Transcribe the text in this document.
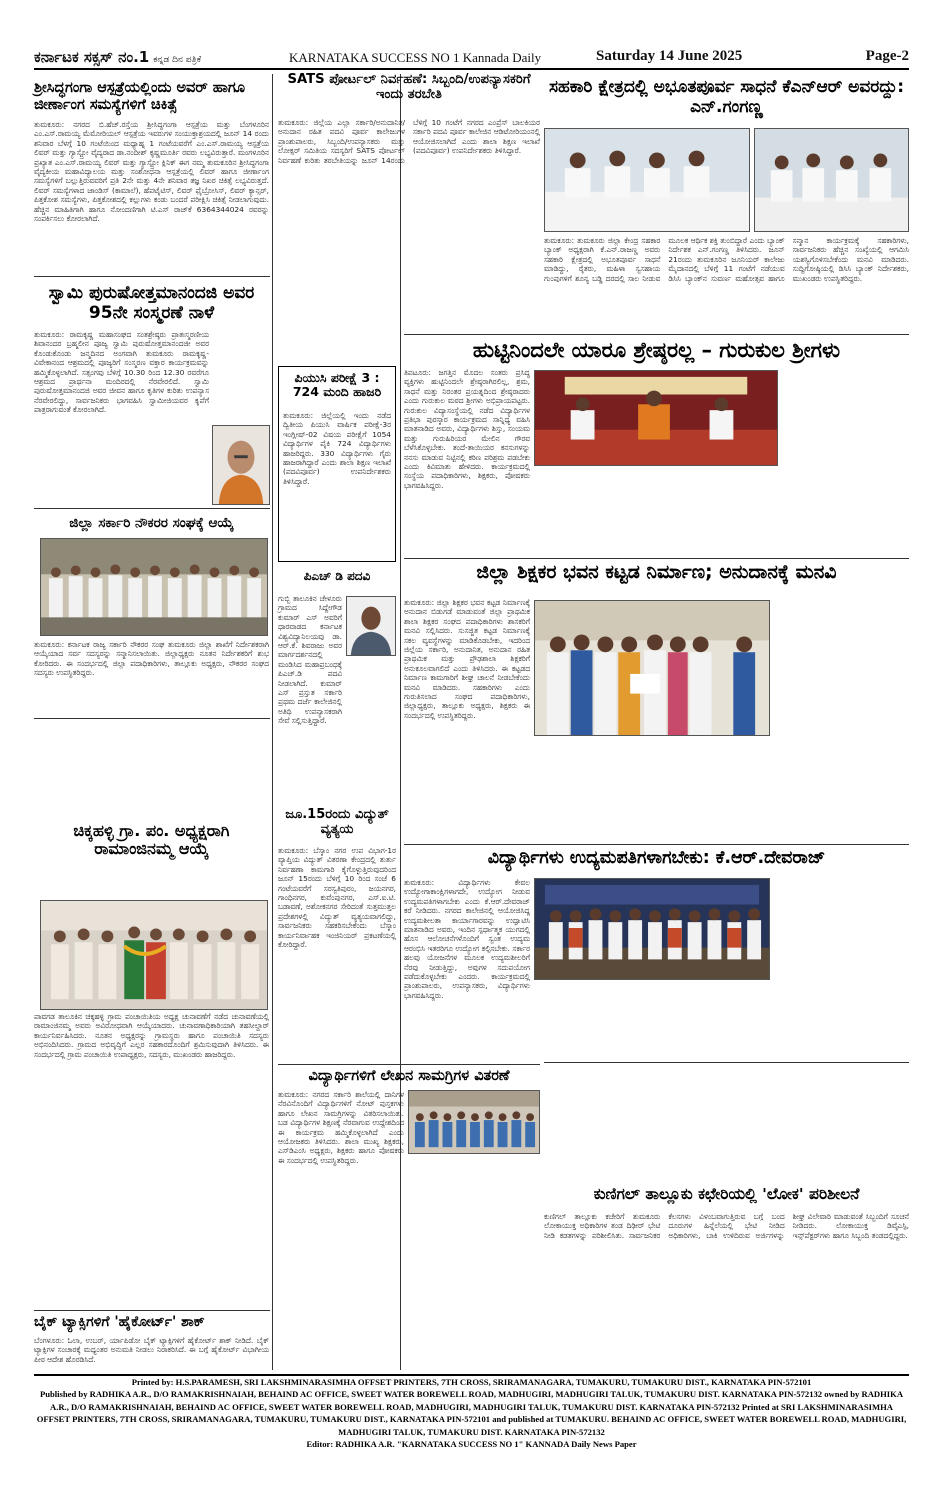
ಕರ್ನಾಟಕ ಸಕ್ಸಸ್ ನಂ.1 ಕನ್ನಡ ದಿನ ಪತ್ರಿಕೆ	KARNATAKA SUCCESS NO 1 Kannada Daily	Saturday 14 June 2025	Page-2
ಶ್ರೀಸಿದ್ಧಗಂಗಾ ಆಸ್ಪತ್ರೆಯಲ್ಲಿಂದು ಅವರ್ ಹಾಗೂ ಜೀರ್ಣಾಂಗ ಸಮಸ್ಯೆಗಳಿಗೆ ಚಿಕಿತ್ಸೆ
ತುಮಕೂರು: ನಗರದ ಬಿ.ಹೆಚ್.ರಸ್ತೆಯ ಶ್ರೀಸಿದ್ಧಗಂಗಾ ಆಸ್ಪತ್ರೆಯ ಮತ್ತು ಬೆಂಗಳೂರಿನ ಎಂ.ಎಸ್.ರಾಮಯ್ಯ ಮೆಮೋರಿಯಲ್ ಆಸ್ಪತ್ರೆಯ ಇವರುಗಳ ಸಂಯುಕ್ತಾಶ್ರಯದಲ್ಲಿ ಜೂನ್ 14 ರಂದು ಶನಿವಾರ ಬೆಳಗ್ಗೆ 10 ಗಂಟೆಯಿಂದ ಮಧ್ಯಾಹ್ನ 1 ಗಂಟೆಯವರೆಗೆ ಎಂ.ಎಸ್.ರಾಮಯ್ಯ ಆಸ್ಪತ್ರೆಯ ಲಿವರ್ ಮತ್ತು ಗ್ಯಾಸ್ಟ್ರೋ ವೈದ್ಯರಾದ ಡಾ.ನಂದೀಶ್ ಕೃಷ್ಣಮೂರ್ತಿ ರವರು ಲಭ್ಯವಿರುತ್ತಾರೆ. ಮಂಗಳೂರಿನ ಪ್ರಖ್ಯಾತ ಎಂ.ಎಸ್.ರಾಮಯ್ಯ ಲಿವರ್ ಮತ್ತು ಗ್ಯಾಸ್ಟ್ರೋ ಕ್ಲಿನಿಕ್ ಈಗ ನಮ್ಮ ತುಮಕೂರಿನ ಶ್ರೀಸಿದ್ಧಗಂಗಾ ವೈದ್ಯಕೀಯ ಮಹಾವಿದ್ಯಾಲಯ ಮತ್ತು ಸಂಶೋಧನಾ ಆಸ್ಪತ್ರೆಯಲ್ಲಿ ಲಿವರ್ ಹಾಗೂ ಜೀರ್ಣಾಂಗ ಸಮಸ್ಯೆಗಳಿಗೆ ಬಲ್ಲುತ್ತಿರುವವರಿಗೆ ಪ್ರತಿ 2ನೇ ಮತ್ತು 4ನೇ ಶನಿವಾರ ತಜ್ಞ ನಿಖರ ಚಿಕಿತ್ಸೆ ಲಭ್ಯವಿರುತ್ತದೆ. ಲಿವರ್ ಸಮಸ್ಯೆಗಳಾದ ಜಾಂಡಿಸ್ (ಕಾಮಾಲೆ), ಹೆಪಟೈಟಿಸ್, ಲಿವರ್ ಫೈಬ್ರೋಸಿಸ್, ಲಿವರ್ ಕ್ಯಾನ್ಸರ್, ಪಿತ್ತಕೋಶ ಸಮಸ್ಯೆಗಳು, ಪಿತ್ತಕೋಶದಲ್ಲಿ ಕಲ್ಲುಗಳು ಕಂಡು ಬಂದರೆ ಪರೀಕ್ಷಿಸಿ ಚಿಕಿತ್ಸೆ ನೀಡಲಾಗುವುದು. ಹೆಚ್ಚಿನ ಮಾಹಿತಿಗಾಗಿ ಹಾಗೂ ನೋಂದಣಿಗಾಗಿ ಟಿ.ಎಸ್ ರಾಜ್‌ಕೆ 6364344024 ರವರನ್ನು ಸಂಪರ್ಕಿಸಲು ಕೋರಲಾಗಿದೆ.
ಸ್ವಾಮಿ ಪುರುಷೋತ್ತಮಾನಂದಜಿ ಅವರ 95ನೇ ಸಂಸ್ಮರಣೆ ನಾಳೆ
ತುಮಕೂರು: ರಾಮಕೃಷ್ಣ ಮಹಾಸಂಘದ ಸಂತಶ್ರೇಷ್ಠರು ಪ್ರಾತಃಸ್ಮರಣೀಯ ಶಿವಾನಂದರ ಬ್ರಹ್ಮಲೀನ ಪೂಜ್ಯ ಸ್ವಾಮಿ ಪುರುಷೋತ್ತಮಾನಂದಜೀ ಅವರ ಕೊಂಡುಕೊಂಡು ಜನ್ಮದಿನದ ಅಂಗವಾಗಿ ತುಮಕೂರು ರಾಮಕೃಷ್ಣ-ವಿವೇಕಾನಂದ ಆಶ್ರಮದಲ್ಲಿ ಪೂಜ್ಯರಿಗೆ ಸಂಸ್ಮರಣ ವಕ್ತಾರ ಕಾರ್ಯಕ್ರಮವನ್ನು ಹಮ್ಮಿಕೊಳ್ಳಲಾಗಿದೆ. ಸತ್ಸಂಗವು ಬೆಳಿಗ್ಗೆ 10.30 ರಿಂದ 12.30 ರವರೆಗೂ ಆಶ್ರಮದ ಪ್ರಾರ್ಥನಾ ಮಂದಿರದಲ್ಲಿ ನೆರವೇರಲಿದೆ. ಸ್ವಾಮಿ ಪುರುಷೋತ್ತಮಾನಂದಜಿ ಅವರ ಜೀವನ ಹಾಗೂ ಕೃತಿಗಳ ಕುರಿತು ಉಪನ್ಯಾಸ ನೆರವೇರಲಿದ್ದು, ಸಾರ್ವಜನಿಕರು ಭಾಗವಹಿಸಿ ಸ್ವಾಮೀಜಿಯವರ ಕೃಪೆಗೆ ಪಾತ್ರರಾಗುವಂತೆ ಕೋರಲಾಗಿದೆ.
ಜಿಲ್ಲಾ ಸರ್ಕಾರಿ ನೌಕರರ ಸಂಘಕ್ಕೆ ಆಯ್ಕೆ
ತುಮಕೂರು: ಕರ್ನಾಟಕ ರಾಜ್ಯ ಸರ್ಕಾರಿ ನೌಕರರ ಸಂಘ ತುಮಕೂರು ಜಿಲ್ಲಾ ಶಾಖೆಗೆ ನಿರ್ದೇಶಕರಾಗಿ ಆಯ್ಕೆಯಾದ ಸರ್ವ ಸದಸ್ಯರನ್ನು ಸನ್ಮಾನಿಸಲಾಯಿತು. ಜಿಲ್ಲಾಧ್ಯಕ್ಷರು ನೂತನ ನಿರ್ದೇಶಕರಿಗೆ ಶುಭ ಕೋರಿದರು. ಈ ಸಂದರ್ಭದಲ್ಲಿ ಜಿಲ್ಲಾ ಪದಾಧಿಕಾರಿಗಳು, ತಾಲ್ಲೂಕು ಅಧ್ಯಕ್ಷರು, ನೌಕರರ ಸಂಘದ ಸದಸ್ಯರು ಉಪಸ್ಥಿತರಿದ್ದರು.
ಚಿಕ್ಕಹಳ್ಳಿ ಗ್ರಾ. ಪಂ. ಅಧ್ಯಕ್ಷರಾಗಿ ರಾಮಾಂಜಿನಮ್ಮ ಆಯ್ಕೆ
ಪಾವಗಡ ತಾಲೂಕಿನ ಚಿಕ್ಕಹಳ್ಳಿ ಗ್ರಾಮ ಪಂಚಾಯಿತಿಯ ಅಧ್ಯಕ್ಷ ಚುನಾವಣೆಗೆ ನಡೆದ ಚುನಾವಣೆಯಲ್ಲಿ ರಾಮಾಂಜಿನಮ್ಮ ಅವರು ಅವಿರೋಧವಾಗಿ ಆಯ್ಕೆಯಾದರು. ಚುನಾವಣಾಧಿಕಾರಿಯಾಗಿ ತಹಸೀಲ್ದಾರ್ ಕಾರ್ಯನಿರ್ವಹಿಸಿದರು. ನೂತನ ಅಧ್ಯಕ್ಷರನ್ನು ಗ್ರಾಮಸ್ಥರು ಹಾಗೂ ಪಂಚಾಯಿತಿ ಸದಸ್ಯರು ಅಭಿನಂದಿಸಿದರು. ಗ್ರಾಮದ ಅಭಿವೃದ್ಧಿಗೆ ಎಲ್ಲರ ಸಹಕಾರದೊಂದಿಗೆ ಶ್ರಮಿಸುವುದಾಗಿ ತಿಳಿಸಿದರು. ಈ ಸಂದರ್ಭದಲ್ಲಿ ಗ್ರಾಮ ಪಂಚಾಯಿತಿ ಉಪಾಧ್ಯಕ್ಷರು, ಸದಸ್ಯರು, ಮುಖಂಡರು ಹಾಜರಿದ್ದರು.
ಬೈಕ್ ಟ್ಯಾಕ್ಸಿಗಳಿಗೆ 'ಹೈಕೋರ್ಟ್' ಶಾಕ್
ಬೆಂಗಳೂರು: ಓಲಾ, ಉಬರ್, ರ್ಯಾಪಿಡೋ ಬೈಕ್ ಟ್ಯಾಕ್ಸಿಗಳಿಗೆ ಹೈಕೋರ್ಟ್ ಶಾಕ್ ನೀಡಿದೆ. ಬೈಕ್ ಟ್ಯಾಕ್ಸಿಗಳ ಸಂಚಾರಕ್ಕೆ ಮಧ್ಯಂತರ ಅನುಮತಿ ನೀಡಲು ನಿರಾಕರಿಸಿದೆ. ಈ ಬಗ್ಗೆ ಹೈಕೋರ್ಟ್ ವಿಭಾಗೀಯ ಪೀಠ ಆದೇಶ ಹೊರಡಿಸಿದೆ.
SATS ಪೋರ್ಟಲ್ ನಿರ್ವಹಣೆ: ಸಿಬ್ಬಂದಿ/ಉಪನ್ಯಾಸಕರಿಗೆ ಇಂದು ತರಬೇತಿ
ತುಮಕೂರು: ಜಿಲ್ಲೆಯ ಎಲ್ಲಾ ಸರ್ಕಾರಿ/ಅನುದಾನಿತ/ಅನುದಾನ ರಹಿತ ಪದವಿ ಪೂರ್ವ ಕಾಲೇಜುಗಳ ಪ್ರಾಂಶುಪಾಲರು, ಸಿಬ್ಬಂದಿ/ಉಪನ್ಯಾಸಕರು ಮತ್ತು ಲೋಕ್ಸರ್ ಸಮಿತಿಯ ಸದಸ್ಯರಿಗೆ SATS ಪೋರ್ಟಲ್ ನಿರ್ವಹಣೆ ಕುರಿತು ತರಬೇತಿಯನ್ನು ಜೂನ್ 14ರಂದು ಬೆಳಿಗ್ಗೆ 10 ಗಂಟೆಗೆ ನಗರದ ಎಂಪ್ರೆಸ್ ಬಾಲಕಿಯರ ಸರ್ಕಾರಿ ಪದವಿ ಪೂರ್ವ ಕಾಲೇಜಿನ ಆಡಿಟೋರಿಯಂನಲ್ಲಿ ಆಯೋಜಿಸಲಾಗಿದೆ ಎಂದು ಶಾಲಾ ಶಿಕ್ಷಣ ಇಲಾಖೆ (ಪದವಿಪೂರ್ವ) ಉಪನಿರ್ದೇಶಕರು ತಿಳಿಸಿದ್ದಾರೆ.
ಪಿಯುಸಿ ಪರೀಕ್ಷೆ 3 : 724 ಮಂದಿ ಹಾಜರಿ
ತುಮಕೂರು: ಜಿಲ್ಲೆಯಲ್ಲಿ ಇಂದು ನಡೆದ ದ್ವಿತೀಯ ಪಿಯುಸಿ ವಾರ್ಷಿಕ ಪರೀಕ್ಷೆ-3ರ ಇಂಗ್ಲೀಷ್-02 ವಿಷಯ ಪರೀಕ್ಷೆಗೆ 1054 ವಿದ್ಯಾರ್ಥಿಗಳ ಪೈಕಿ 724 ವಿದ್ಯಾರ್ಥಿಗಳು ಹಾಜರಿದ್ದರು. 330 ವಿದ್ಯಾರ್ಥಿಗಳು ಗೈರು ಹಾಜರಾಗಿದ್ದಾರೆ ಎಂದು ಶಾಲಾ ಶಿಕ್ಷಣ ಇಲಾಖೆ (ಪದವಿಪೂರ್ವ) ಉಪನಿರ್ದೇಶಕರು ತಿಳಿಸಿದ್ದಾರೆ.
ಪಿಎಚ್ ಡಿ ಪದವಿ
ಗುಬ್ಬಿ ತಾಲೂಕಿನ ಚೇಳೂರು ಗ್ರಾಮದ ಸಿದ್ದೇಗೌಡ ಕುಮಾರ್ ಎಸ್ ಅವರಿಗೆ ಧಾರವಾಡದ ಕರ್ನಾಟಕ ವಿಶ್ವವಿದ್ಯಾನಿಲಯವು ಡಾ. ಆರ್.ಕೆ. ಶಿವರಾಜು ಅವರ ಮಾರ್ಗದರ್ಶನದಲ್ಲಿ ಮಂಡಿಸಿದ ಮಹಾಪ್ರಬಂಧಕ್ಕೆ ಪಿಎಚ್.ಡಿ ಪದವಿ ನೀಡಲಾಗಿದೆ. ಕುಮಾರ್ ಎಸ್ ಪ್ರಸ್ತುತ ಸರ್ಕಾರಿ ಪ್ರಥಮ ದರ್ಜೆ ಕಾಲೇಜಿನಲ್ಲಿ ಅತಿಥಿ ಉಪನ್ಯಾಸಕರಾಗಿ ಸೇವೆ ಸಲ್ಲಿಸುತ್ತಿದ್ದಾರೆ.
ಜೂ.15ರಂದು ವಿದ್ಯುತ್ ವ್ಯತ್ಯಯ
ತುಮಕೂರು: ಬೆಸ್ಕಾಂ ನಗರ ಉಪ ವಿಭಾಗ-1ರ ವ್ಯಾಪ್ತಿಯ ವಿದ್ಯುತ್ ವಿತರಣಾ ಕೇಂದ್ರದಲ್ಲಿ ತುರ್ತು ನಿರ್ವಹಣಾ ಕಾಮಗಾರಿ ಕೈಗೊಳ್ಳುತ್ತಿರುವುದರಿಂದ ಜೂನ್ 15ರಂದು ಬೆಳಿಗ್ಗೆ 10 ರಿಂದ ಸಂಜೆ 6 ಗಂಟೆಯವರೆಗೆ ಸರಸ್ವತಿಪುರಂ, ಜಯನಗರ, ಗಾಂಧಿನಗರ, ಕುವೆಂಪುನಗರ, ಎಸ್.ಐ.ಟಿ. ಬಡಾವಣೆ, ಅಶೋಕನಗರ ಸೇರಿದಂತೆ ಸುತ್ತಮುತ್ತಲ ಪ್ರದೇಶಗಳಲ್ಲಿ ವಿದ್ಯುತ್ ವ್ಯತ್ಯಯವಾಗಲಿದ್ದು, ಸಾರ್ವಜನಿಕರು ಸಹಕರಿಸಬೇಕೆಂದು ಬೆಸ್ಕಾಂ ಕಾರ್ಯನಿರ್ವಾಹಕ ಇಂಜಿನಿಯರ್ ಪ್ರಕಟಣೆಯಲ್ಲಿ ಕೋರಿದ್ದಾರೆ.
ಸಹಕಾರಿ ಕ್ಷೇತ್ರದಲ್ಲಿ ಅಭೂತಪೂರ್ವ ಸಾಧನೆ ಕೆಎನ್‌ಆರ್ ಅವರದ್ದು: ಎನ್.ಗಂಗಣ್ಣ
ತುಮಕೂರು: ತುಮಕೂರು ಜಿಲ್ಲಾ ಕೇಂದ್ರ ಸಹಕಾರ ಬ್ಯಾಂಕ್ ಅಧ್ಯಕ್ಷರಾಗಿ ಕೆ.ಎನ್.ರಾಜಣ್ಣ ಅವರು ಸಹಕಾರಿ ಕ್ಷೇತ್ರದಲ್ಲಿ ಅಭೂತಪೂರ್ವ ಸಾಧನೆ ಮಾಡಿದ್ದು, ರೈತರು, ಮಹಿಳಾ ಸ್ವಸಹಾಯ ಗುಂಪುಗಳಿಗೆ ಶೂನ್ಯ ಬಡ್ಡಿ ದರದಲ್ಲಿ ಸಾಲ ನೀಡುವ ಮೂಲಕ ಆರ್ಥಿಕ ಶಕ್ತಿ ತುಂಬಿದ್ದಾರೆ ಎಂದು ಬ್ಯಾಂಕ್ ನಿರ್ದೇಶಕ ಎನ್.ಗಂಗಣ್ಣ ತಿಳಿಸಿದರು. ಜೂನ್ 21ರಂದು ತುಮಕೂರಿನ ಜೂನಿಯರ್ ಕಾಲೇಜು ಮೈದಾನದಲ್ಲಿ ಬೆಳಿಗ್ಗೆ 11 ಗಂಟೆಗೆ ನಡೆಯುವ ಡಿಸಿಸಿ ಬ್ಯಾಂಕ್‌ನ ಸುವರ್ಣ ಮಹೋತ್ಸವ ಹಾಗೂ ಸನ್ಮಾನ ಕಾರ್ಯಕ್ರಮಕ್ಕೆ ಸಹಕಾರಿಗಳು, ಸಾರ್ವಜನಿಕರು ಹೆಚ್ಚಿನ ಸಂಖ್ಯೆಯಲ್ಲಿ ಆಗಮಿಸಿ ಯಶಸ್ವಿಗೊಳಿಸಬೇಕೆಂದು ಮನವಿ ಮಾಡಿದರು. ಸುದ್ದಿಗೋಷ್ಠಿಯಲ್ಲಿ ಡಿಸಿಸಿ ಬ್ಯಾಂಕ್ ನಿರ್ದೇಶಕರು, ಮುಖಂಡರು ಉಪಸ್ಥಿತರಿದ್ದರು.
ಹುಟ್ಟಿನಿಂದಲೇ ಯಾರೂ ಶ್ರೇಷ್ಠರಲ್ಲ – ಗುರುಕುಲ ಶ್ರೀಗಳು
ತಿಪಟೂರು: ಜಗತ್ತಿನ ಮೊದಲ ಸಂತರು ಪ್ರಸಿದ್ಧ ವ್ಯಕ್ತಿಗಳು ಹುಟ್ಟಿನಿಂದಲೇ ಶ್ರೇಷ್ಠರಾಗಿರಲಿಲ್ಲ, ಶ್ರಮ, ಸಾಧನೆ ಮತ್ತು ನಿರಂತರ ಪ್ರಯತ್ನದಿಂದ ಶ್ರೇಷ್ಠರಾದರು ಎಂದು ಗುರುಕುಲ ಮಠದ ಶ್ರೀಗಳು ಅಭಿಪ್ರಾಯಪಟ್ಟರು. ಗುರುಕುಲ ವಿದ್ಯಾಸಂಸ್ಥೆಯಲ್ಲಿ ನಡೆದ ವಿದ್ಯಾರ್ಥಿಗಳ ಪ್ರತಿಭಾ ಪುರಸ್ಕಾರ ಕಾರ್ಯಕ್ರಮದ ಸಾನ್ನಿಧ್ಯ ವಹಿಸಿ ಮಾತನಾಡಿದ ಅವರು, ವಿದ್ಯಾರ್ಥಿಗಳು ಶಿಸ್ತು, ಸಂಯಮ ಮತ್ತು ಗುರುಹಿರಿಯರ ಮೇಲಿನ ಗೌರವ ಬೆಳೆಸಿಕೊಳ್ಳಬೇಕು. ತಂದೆ-ತಾಯಿಯರ ಕನಸುಗಳನ್ನು ನನಸು ಮಾಡುವ ನಿಟ್ಟಿನಲ್ಲಿ ಕಠಿಣ ಪರಿಶ್ರಮ ಪಡಬೇಕು ಎಂದು ಕಿವಿಮಾತು ಹೇಳಿದರು. ಕಾರ್ಯಕ್ರಮದಲ್ಲಿ ಸಂಸ್ಥೆಯ ಪದಾಧಿಕಾರಿಗಳು, ಶಿಕ್ಷಕರು, ಪೋಷಕರು ಭಾಗವಹಿಸಿದ್ದರು.
ಜಿಲ್ಲಾ ಶಿಕ್ಷಕರ ಭವನ ಕಟ್ಟಡ ನಿರ್ಮಾಣ; ಅನುದಾನಕ್ಕೆ ಮನವಿ
ತುಮಕೂರು: ಜಿಲ್ಲಾ ಶಿಕ್ಷಕರ ಭವನ ಕಟ್ಟಡ ನಿರ್ಮಾಣಕ್ಕೆ ಅನುದಾನ ಬಿಡುಗಡೆ ಮಾಡುವಂತೆ ಜಿಲ್ಲಾ ಪ್ರಾಥಮಿಕ ಶಾಲಾ ಶಿಕ್ಷಕರ ಸಂಘದ ಪದಾಧಿಕಾರಿಗಳು ಶಾಸಕರಿಗೆ ಮನವಿ ಸಲ್ಲಿಸಿದರು. ಸುಸಜ್ಜಿತ ಕಟ್ಟಡ ನಿರ್ಮಾಣಕ್ಕೆ ಸಕಲ ವ್ಯವಸ್ಥೆಗಳನ್ನು ಮಾಡಿಕೊಡಬೇಕು, ಇದರಿಂದ ಜಿಲ್ಲೆಯ ಸರ್ಕಾರಿ, ಅನುದಾನಿತ, ಅನುದಾನ ರಹಿತ ಪ್ರಾಥಮಿಕ ಮತ್ತು ಪ್ರೌಢಶಾಲಾ ಶಿಕ್ಷಕರಿಗೆ ಅನುಕೂಲವಾಗಲಿದೆ ಎಂದು ತಿಳಿಸಿದರು. ಈ ಕಟ್ಟಡದ ನಿರ್ಮಾಣ ಕಾಮಗಾರಿಗೆ ಶೀಘ್ರ ಚಾಲನೆ ನೀಡಬೇಕೆಂದು ಮನವಿ ಮಾಡಿದರು. ಸಹಕಾರಿಗಳು ಎಂದು ಗುರುತಿಸಲಾದ ಸಂಘದ ಪದಾಧಿಕಾರಿಗಳು, ಜಿಲ್ಲಾಧ್ಯಕ್ಷರು, ತಾಲ್ಲೂಕು ಅಧ್ಯಕ್ಷರು, ಶಿಕ್ಷಕರು ಈ ಸಂದರ್ಭದಲ್ಲಿ ಉಪಸ್ಥಿತರಿದ್ದರು.
ವಿದ್ಯಾರ್ಥಿಗಳು ಉದ್ಯಮಪತಿಗಳಾಗಬೇಕು: ಕೆ.ಆರ್.ದೇವರಾಜ್
ತುಮಕೂರು: ವಿದ್ಯಾರ್ಥಿಗಳು ಕೇವಲ ಉದ್ಯೋಗಾಕಾಂಕ್ಷಿಗಳಾಗದೇ, ಉದ್ಯೋಗ ನೀಡುವ ಉದ್ಯಮಪತಿಗಳಾಗಬೇಕು ಎಂದು ಕೆ.ಆರ್.ದೇವರಾಜ್ ಕರೆ ನೀಡಿದರು. ನಗರದ ಕಾಲೇಜಿನಲ್ಲಿ ಆಯೋಜಿಸಿದ್ದ ಉದ್ಯಮಶೀಲತಾ ಕಾರ್ಯಾಗಾರವನ್ನು ಉದ್ಘಾಟಿಸಿ ಮಾತನಾಡಿದ ಅವರು, ಇಂದಿನ ಸ್ಪರ್ಧಾತ್ಮಕ ಯುಗದಲ್ಲಿ ಹೊಸ ಆಲೋಚನೆಗಳೊಂದಿಗೆ ಸ್ವಂತ ಉದ್ಯಮ ಆರಂಭಿಸಿ ಇತರರಿಗೂ ಉದ್ಯೋಗ ಕಲ್ಪಿಸಬೇಕು. ಸರ್ಕಾರ ಹಲವು ಯೋಜನೆಗಳ ಮೂಲಕ ಉದ್ಯಮಶೀಲರಿಗೆ ನೆರವು ನೀಡುತ್ತಿದ್ದು, ಅವುಗಳ ಸದುಪಯೋಗ ಪಡೆದುಕೊಳ್ಳಬೇಕು ಎಂದರು. ಕಾರ್ಯಕ್ರಮದಲ್ಲಿ ಪ್ರಾಂಶುಪಾಲರು, ಉಪನ್ಯಾಸಕರು, ವಿದ್ಯಾರ್ಥಿಗಳು ಭಾಗವಹಿಸಿದ್ದರು.
ವಿದ್ಯಾರ್ಥಿಗಳಿಗೆ ಲೇಖನ ಸಾಮಗ್ರಿಗಳ ವಿತರಣೆ
ತುಮಕೂರು: ನಗರದ ಸರ್ಕಾರಿ ಶಾಲೆಯಲ್ಲಿ ದಾನಿಗಳ ನೆರವಿನೊಂದಿಗೆ ವಿದ್ಯಾರ್ಥಿಗಳಿಗೆ ನೋಟ್ ಪುಸ್ತಕಗಳು ಹಾಗೂ ಲೇಖನ ಸಾಮಗ್ರಿಗಳನ್ನು ವಿತರಿಸಲಾಯಿತು. ಬಡ ವಿದ್ಯಾರ್ಥಿಗಳ ಶಿಕ್ಷಣಕ್ಕೆ ನೆರವಾಗುವ ಉದ್ದೇಶದಿಂದ ಈ ಕಾರ್ಯಕ್ರಮ ಹಮ್ಮಿಕೊಳ್ಳಲಾಗಿದೆ ಎಂದು ಆಯೋಜಕರು ತಿಳಿಸಿದರು. ಶಾಲಾ ಮುಖ್ಯ ಶಿಕ್ಷಕರು, ಎಸ್‌ಡಿಎಂಸಿ ಅಧ್ಯಕ್ಷರು, ಶಿಕ್ಷಕರು ಹಾಗೂ ಪೋಷಕರು ಈ ಸಂದರ್ಭದಲ್ಲಿ ಉಪಸ್ಥಿತರಿದ್ದರು.
ಕುಣಿಗಲ್ ತಾಲ್ಲೂಕು ಕಛೇರಿಯಲ್ಲಿ 'ಲೋಕ' ಪರಿಶೀಲನೆ
ಕುಣಿಗಲ್ ತಾಲ್ಲೂಕು ಕಚೇರಿಗೆ ತುಮಕೂರು ಲೋಕಾಯುಕ್ತ ಅಧಿಕಾರಿಗಳ ತಂಡ ದಿಢೀರ್ ಭೇಟಿ ನೀಡಿ ಕಡತಗಳನ್ನು ಪರಿಶೀಲಿಸಿತು. ಸಾರ್ವಜನಿಕರ ಕೆಲಸಗಳು ವಿಳಂಬವಾಗುತ್ತಿರುವ ಬಗ್ಗೆ ಬಂದ ದೂರುಗಳ ಹಿನ್ನೆಲೆಯಲ್ಲಿ ಭೇಟಿ ನೀಡಿದ ಅಧಿಕಾರಿಗಳು, ಬಾಕಿ ಉಳಿದಿರುವ ಅರ್ಜಿಗಳನ್ನು ಶೀಘ್ರ ವಿಲೇವಾರಿ ಮಾಡುವಂತೆ ಸಿಬ್ಬಂದಿಗೆ ಸೂಚನೆ ನೀಡಿದರು. ಲೋಕಾಯುಕ್ತ ಡಿವೈಎಸ್ಪಿ, ಇನ್ಸ್‌ಪೆಕ್ಟರ್‌ಗಳು ಹಾಗೂ ಸಿಬ್ಬಂದಿ ತಂಡದಲ್ಲಿದ್ದರು.
Printed by: H.S.PARAMESH, SRI LAKSHMINARASIMHA OFFSET PRINTERS, 7TH CROSS, SRIRAMANAGARA, TUMAKURU, TUMAKURU DIST., KARNATAKA PIN-572101
Published by RADHIKA A.R., D/O RAMAKRISHNAIAH, BEHAIND AC OFFICE, SWEET WATER BOREWELL ROAD, MADHUGIRI, MADHUGIRI TALUK, TUMAKURU DIST. KARNATAKA PIN-572132 owned by RADHIKA A.R., D/O RAMAKRISHNAIAH, BEHAIND AC OFFICE, SWEET WATER BOREWELL ROAD, MADHUGIRI, MADHUGIRI TALUK, TUMAKURU DIST. KARNATAKA PIN-572132 Printed at SRI LAKSHMINARASIMHA OFFSET PRINTERS, 7TH CROSS, SRIRAMANAGARA, TUMAKURU, TUMAKURU DIST., KARNATAKA PIN-572101 and published at TUMAKURU. BEHAIND AC OFFICE, SWEET WATER BOREWELL ROAD, MADHUGIRI, MADHUGIRI TALUK, TUMAKURU DIST. KARNATAKA PIN-572132
Editor: RADHIKA A.R. "KARNATAKA SUCCESS NO 1" KANNADA Daily News Paper
